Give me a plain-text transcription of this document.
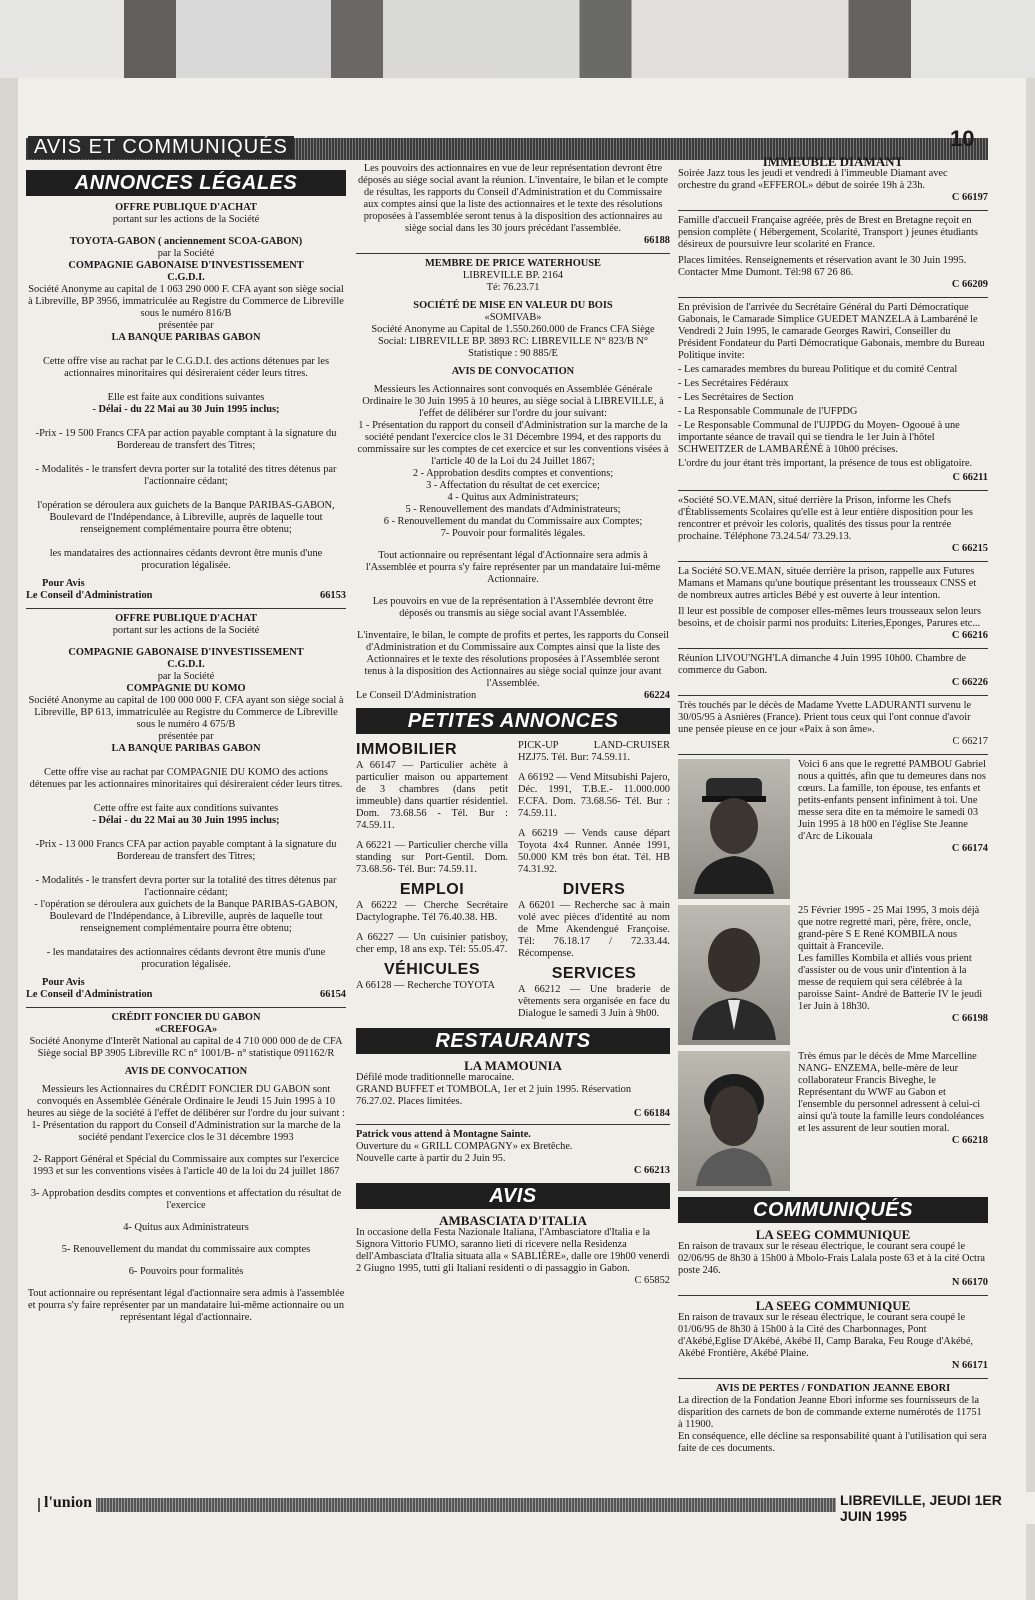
AVIS ET COMMUNIQUÉS	10
ANNONCES LÉGALES
OFFRE PUBLIQUE D'ACHAT
portant sur les actions de la Société
TOYOTA-GABON ( anciennement SCOA-GABON)
par la Société
COMPAGNIE GABONAISE D'INVESTISSEMENT
C.G.D.I.
Société Anonyme au capital de 1 063 290 000 F. CFA ayant son siège social à Libreville, BP 3956, immatriculée au Registre du Commerce de Libreville sous le numéro 816/B
présentée par
LA BANQUE PARIBAS GABON
Cette offre vise au rachat par le C.G.D.I. des actions détenues par les actionnaires minoritaires qui désireraient céder leurs titres.
Elle est faite aux conditions suivantes
- Délai - du 22 Mai au 30 Juin 1995 inclus;
-Prix - 19 500 Francs CFA par action payable comptant à la signature du Bordereau de transfert des Titres;
- Modalités - le transfert devra porter sur la totalité des titres détenus par l'actionnaire cédant;
l'opération se déroulera aux guichets de la Banque PARIBAS-GABON, Boulevard de l'Indépendance, à Libreville, auprès de laquelle tout renseignement complémentaire pourra être obtenu;
les mandataires des actionnaires cédants devront être munis d'une procuration légalisée.
Pour Avis
Le Conseil d'Administration	66153
OFFRE PUBLIQUE D'ACHAT
portant sur les actions de la Société
COMPAGNIE GABONAISE D'INVESTISSEMENT
C.G.D.I.
par la Société
COMPAGNIE DU KOMO
Société Anonyme au capital de 100 000 000 F. CFA ayant son siège social à Libreville, BP 613, immatriculée au Registre du Commerce de Libreville sous le numéro 4 675/B
présentée par
LA BANQUE PARIBAS GABON
Cette offre vise au rachat par COMPAGNIE DU KOMO des actions détenues par les actionnaires minoritaires qui désireraient céder leurs titres.
Cette offre est faite aux conditions suivantes
- Délai - du 22 Mai au 30 Juin 1995 inclus;
-Prix - 13 000 Francs CFA par action payable comptant à la signature du Bordereau de transfert des Titres;
- Modalités - le transfert devra porter sur la totalité des titres détenus par l'actionnaire cédant;
- l'opération se déroulera aux guichets de la Banque PARIBAS-GABON, Boulevard de l'Indépendance, à Libreville, auprès de laquelle tout renseignement complémentaire pourra être obtenu;
- les mandataires des actionnaires cédants devront être munis d'une procuration légalisée.
Pour Avis
Le Conseil d'Administration	66154
CRÉDIT FONCIER DU GABON
«CREFOGA»
Société Anonyme d'Interêt National au capital de 4 710 000 000 de de CFA Siège social BP 3905 Libreville RC n° 1001/B- n° statistique 091162/R
AVIS DE CONVOCATION
Messieurs les Actionnaires du CRÉDIT FONCIER DU GABON sont convoqués en Assemblée Générale Ordinaire le Jeudi 15 Juin 1995 à 10 heures au siège de la société à l'effet de délibérer sur l'ordre du jour suivant :
1- Présentation du rapport du Conseil d'Administration sur la marche de la société pendant l'exercice clos le 31 décembre 1993
2- Rapport Général et Spécial du Commissaire aux comptes sur l'exercice 1993 et sur les conventions visées à l'article 40 de la loi du 24 juillet 1867
3- Approbation desdits comptes et conventions et affectation du résultat de l'exercice
4- Quitus aux Administrateurs
5- Renouvellement du mandat du commissaire aux comptes
6- Pouvoirs pour formalités
Tout actionnaire ou représentant légal d'actionnaire sera admis à l'assemblée et pourra s'y faire représenter par un mandataire lui-même actionnaire ou un représentant légal d'actionnaire.
Les pouvoirs des actionnaires en vue de leur représentation devront être déposés au siège social avant la réunion. L'inventaire, le bilan et le compte de résultas, les rapports du Conseil d'Administration et du Commissaire aux comptes ainsi que la liste des actionnaires et le texte des résolutions proposées à l'assemblée seront tenus à la disposition des actionnaires au siège social dans les 30 jours précédant l'assemblée.
66188
MEMBRE DE PRICE WATERHOUSE
LIBREVILLE BP. 2164
Té: 76.23.71
SOCIÉTÉ DE MISE EN VALEUR DU BOIS
«SOMIVAB»
Société Anonyme au Capital de 1.550.260.000 de Francs CFA Siège Social: LIBREVILLE BP. 3893 RC: LIBREVILLE N° 823/B N° Statistique : 90 885/E
AVIS DE CONVOCATION
Messieurs les Actionnaires sont convoqués en Assemblée Générale Ordinaire le 30 Juin 1995 à 10 heures, au siège social à LIBREVILLE, à l'effet de délibérer sur l'ordre du jour suivant:
1 - Présentation du rapport du conseil d'Administration sur la marche de la société pendant l'exercice clos le 31 Décembre 1994, et des rapports du commissaire sur les comptes de cet exercice et sur les conventions visées à l'article 40 de la Loi du 24 Juillet 1867;
2 - Approbation desdits comptes et conventions;
3 - Affectation du résultat de cet exercice;
4 - Quitus aux Administrateurs;
5 - Renouvellement des mandats d'Administrateurs;
6 - Renouvellement du mandat du Commissaire aux Comptes;
7- Pouvoir pour formalités légales.
Tout actionnaire ou représentant légal d'Actionnaire sera admis à l'Assemblée et pourra s'y faire représenter par un mandataire lui-même Actionnaire.
Les pouvoirs en vue de la représentation à l'Assemblée devront être déposés ou transmis au siège social avant l'Assemblée.
L'inventaire, le bilan, le compte de profits et pertes, les rapports du Conseil d'Administration et du Commissaire aux Comptes ainsi que la liste des Actionnaires et le texte des résolutions proposées à l'Assemblée seront tenus à la disposition des Actionnaires au siège social quinze jour avant l'Assemblée.
Le Conseil D'Administration	66224
PETITES ANNONCES
IMMOBILIER
A 66147 — Particulier achète à particulier maison ou appartement de 3 chambres (dans petit immeuble) dans quartier résidentiel. Dom. 73.68.56 - Tél. Bur : 74.59.11.
A 66221 — Particulier cherche villa standing sur Port-Gentil. Dom. 73.68.56- Tél. Bur: 74.59.11.
EMPLOI
A 66222 — Cherche Secrétaire Dactylographe. Tél 76.40.38. HB.
A 66227 — Un cuisinier patisboy, cher emp, 18 ans exp. Tél: 55.05.47.
VÉHICULES
A 66128 — Recherche TOYOTA
PICK-UP LAND-CRUISER HZJ75. Tél. Bur: 74.59.11.
A 66192 — Vend Mitsubishi Pajero, Déc. 1991, T.B.E.- 11.000.000 F.CFA. Dom. 73.68.56- Tél. Bur : 74.59.11.
A 66219 — Vends cause départ Toyota 4x4 Runner. Année 1991, 50.000 KM très bon état. Tél. HB 74.31.92.
DIVERS
A 66201 — Recherche sac à main volé avec pièces d'identité au nom de Mme Akendengué Françoise. Tél: 76.18.17 / 72.33.44. Récompense.
SERVICES
A 66212 — Une braderie de vêtements sera organisée en face du Dialogue le samedi 3 Juin à 9h00.
RESTAURANTS
LA MAMOUNIA
Défilé mode traditionnelle marocaine.
GRAND BUFFET et TOMBOLA, 1er et 2 juin 1995. Réservation 76.27.02. Places limitées.
C 66184
Patrick vous attend à Montagne Sainte.
Ouverture du « GRILL COMPAGNY» ex Bretêche.
Nouvelle carte à partir du 2 Juin 95.
C 66213
AVIS
AMBASCIATA D'ITALIA
In occasione della Festa Nazionale Italiana, l'Ambasciatore d'Italia e la Signora Vittorio FUMO, saranno lieti di ricevere nella Residenza dell'Ambasciata d'Italia situata alla « SABLIÈRE», dalle ore 19h00 venerdì 2 Giugno 1995, tutti gli Italiani residenti o di passaggio in Gabon.
C 65852
IMMEUBLE DIAMANT
Soirée Jazz tous les jeudi et vendredi à l'immeuble Diamant avec orchestre du grand «EFFEROL» début de soirée 19h à 23h.
C 66197
Famille d'accueil Française agréée, près de Brest en Bretagne reçoit en pension complète ( Hébergement, Scolarité, Transport ) jeunes étudiants désireux de poursuivre leur scolarité en France.
Places limitées. Renseignements et réservation avant le 30 Juin 1995. Contacter Mme Dumont. Tél:98 67 26 86.
C 66209
En prévision de l'arrivée du Secrétaire Général du Parti Démocratique Gabonais, le Camarade Simplice GUEDET MANZELA à Lambaréné le Vendredi 2 Juin 1995, le camarade Georges Rawiri, Conseiller du Président Fondateur du Parti Démocratique Gabonais, membre du Bureau Politique invite:
- Les camarades membres du bureau Politique et du comité Central
- Les Secrétaires Fédéraux
- Les Secrétaires de Section
- La Responsable Communale de l'UFPDG
- Le Responsable Communal de l'UJPDG du Moyen- Ogooué à une importante séance de travail qui se tiendra le 1er Juin à l'hôtel SCHWEITZER de LAMBARÉNÉ à 10h00 précises.
L'ordre du jour étant très important, la présence de tous est obligatoire.
C 66211
«Société SO.VE.MAN, situé derrière la Prison, informe les Chefs d'Établissements Scolaires qu'elle est à leur entière disposition pour les rencontrer et prévoir les coloris, qualités des tissus pour la rentrée prochaine. Téléphone 73.24.54/ 73.29.13.
C 66215
La Société SO.VE.MAN, située derrière la prison, rappelle aux Futures Mamans et Mamans qu'une boutique présentant les trousseaux CNSS et de nombreux autres articles Bébé y est ouverte à leur intention.
Il leur est possible de composer elles-mêmes leurs trousseaux selon leurs besoins, et de choisir parmi nos produits: Literies,Eponges, Parures etc...
C 66216
Réunion LIVOU'NGH'LA dimanche 4 Juin 1995 10h00. Chambre de commerce du Gabon.
C 66226
Très touchés par le décès de Madame Yvette LADURANTI survenu le 30/05/95 à Asnières (France). Prient tous ceux qui l'ont connue d'avoir une pensée pieuse en ce jour «Paix à son âme».
C 66217
Voici 6 ans que le regretté PAMBOU Gabriel nous a quittés, afin que tu demeures dans nos cœurs. La famille, ton épouse, tes enfants et petits-enfants pensent infiniment à toi. Une messe sera dite en ta mémoire le samedi 03 Juin 1995 à 18 h00 en l'église Ste Jeanne d'Arc de Likouala
C 66174
25 Février 1995 - 25 Mai 1995, 3 mois déjà que notre regretté mari, père, frère, oncle, grand-père S E René KOMBILA nous quittait à Francevile.
Les familles Kombila et alliés vous prient d'assister ou de vous unir d'intention à la messe de requiem qui sera célébrée à la paroisse Saint- André de Batterie IV le jeudi 1er Juin à 18h30.
C 66198
Très émus par le décès de Mme Marcelline NANG- ENZEMA, belle-mère de leur collaborateur Francis Biveghe, le Représentant du WWF au Gabon et l'ensemble du personnel adressent à celui-ci ainsi qu'à toute la famille leurs condoléances et les assurent de leur soutien moral.
C 66218
COMMUNIQUÉS
LA SEEG COMMUNIQUE
En raison de travaux sur le réseau électrique, le courant sera coupé le 02/06/95 de 8h30 à 15h00 à Mbolo-Frais Lalala poste 63 et à la cité Octra poste 246.
N 66170
LA SEEG COMMUNIQUE
En raison de travaux sur le réseau électrique, le courant sera coupé le 01/06/95 de 8h30 à 15h00 à la Cité des Charbonnages, Pont d'Akébé,Eglise D'Akébé, Akébé II, Camp Baraka, Feu Rouge d'Akébé, Akébé Frontière, Akébé Plaine.
N 66171
AVIS DE PERTES / FONDATION JEANNE EBORI
La direction de la Fondation Jeanne Ebori informe ses fournisseurs de la disparition des carnets de bon de commande externe numérotés de 11751 à 11900.
En conséquence, elle décline sa responsabilité quant à l'utilisation qui sera faite de ces documents.
l'union	LIBREVILLE, JEUDI 1ER JUIN 1995
